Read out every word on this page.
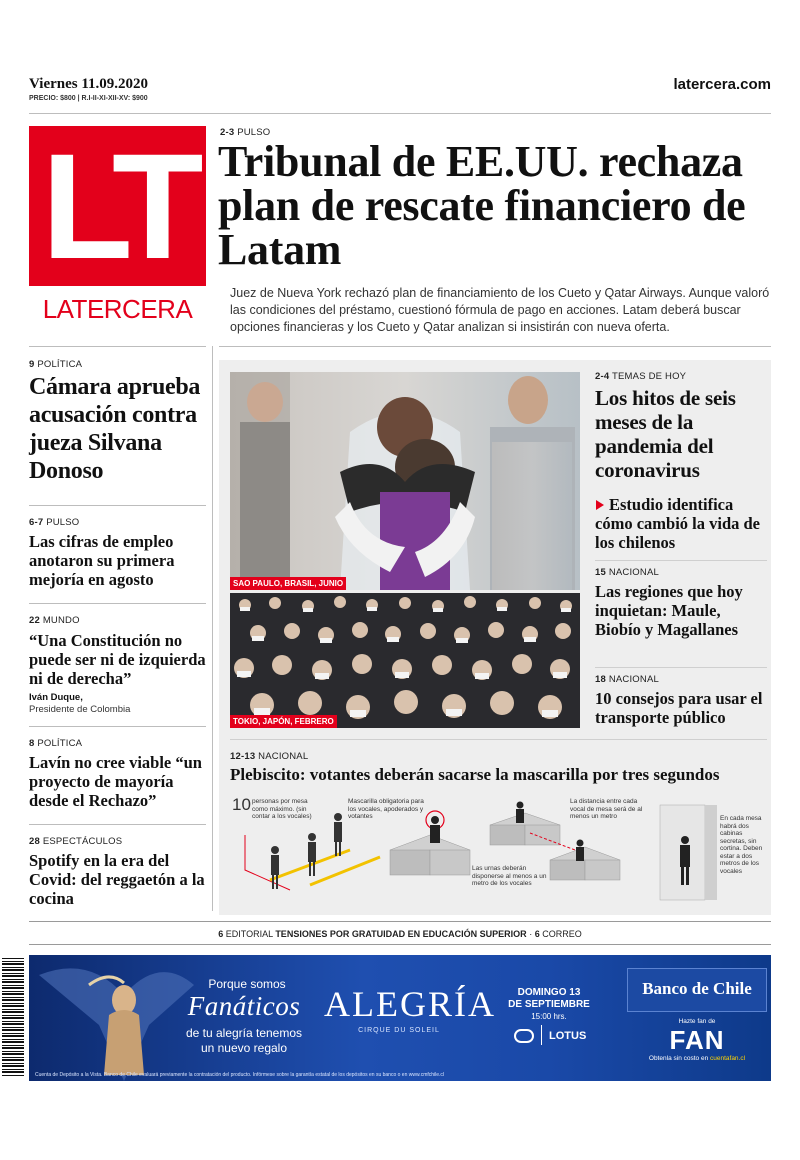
Viernes 11.09.2020
PRECIO: $800 | R.I-II-XI-XII-XV: $900
latercera.com
LT
LATERCERA
2-3 PULSO
Tribunal de EE.UU. rechaza plan de rescate financiero de Latam
Juez de Nueva York rechazó plan de financiamiento de los Cueto y Qatar Airways. Aunque valoró las condiciones del préstamo, cuestionó fórmula de pago en acciones. Latam deberá buscar opciones financieras y los Cueto y Qatar analizan si insistirán con nueva oferta.
9 POLÍTICA
Cámara aprueba acusación contra jueza Silvana Donoso
6-7 PULSO
Las cifras de empleo anotaron su primera mejoría en agosto
22 MUNDO
“Una Constitución no puede ser ni de izquierda ni de derecha”
Iván Duque,
Presidente de Colombia
8 POLÍTICA
Lavín no cree viable “un proyecto de mayoría desde el Rechazo”
28 ESPECTÁCULOS
Spotify en la era del Covid: del reggaetón a la cocina
SAO PAULO, BRASIL, JUNIO
TOKIO, JAPÓN, FEBRERO
2-4 TEMAS DE HOY
Los hitos de seis meses de la pandemia del coronavirus
Estudio identifica cómo cambió la vida de los chilenos
15 NACIONAL
Las regiones que hoy inquietan: Maule, Biobío y Magallanes
18 NACIONAL
10 consejos para usar el transporte público
12-13 NACIONAL
Plebiscito: votantes deberán sacarse la mascarilla por tres segundos
10 personas por mesa como máximo. (sin contar a los vocales)
Mascarilla obligatoria para los vocales, apoderados y votantes
La distancia entre cada vocal de mesa será de al menos un metro
Las urnas deberán disponerse al menos a un metro de los vocales
En cada mesa habrá dos cabinas secretas, sin cortina. Deben estar a dos metros de los vocales
6 EDITORIAL TENSIONES POR GRATUIDAD EN EDUCACIÓN SUPERIOR · 6 CORREO
Porque somos
Fanáticos
de tu alegría tenemos
un nuevo regalo
ALEGRÍA
CIRQUE DU SOLEIL
DOMINGO 13
DE SEPTIEMBRE
15:00 hrs.
LOTUS
Banco de Chile
Hazte fan de
FAN
Obtenla sin costo en cuentafan.cl
Cuenta de Depósito a la Vista. Banco de Chile evaluará previamente la contratación del producto. Infórmese sobre la garantía estatal de los depósitos en su banco o en www.cmfchile.cl
